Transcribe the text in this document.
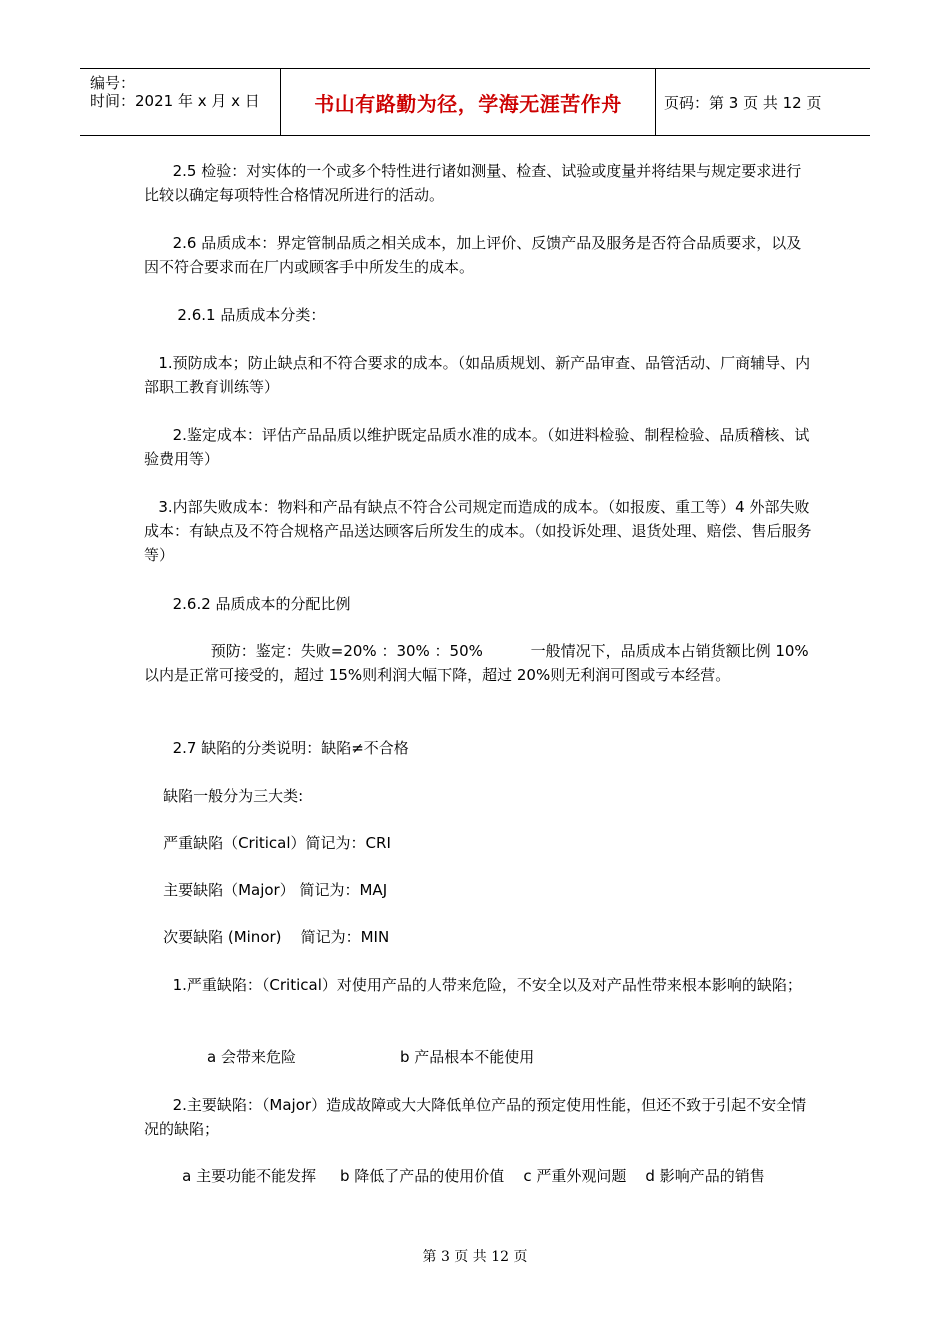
编号：
时间：2021 年 x 月 x 日	书山有路勤为径，学海无涯苦作舟	页码：第 3 页 共 12 页

2.5 检验：对实体的一个或多个特性进行诸如测量、检查、试验或度量并将结果与规定要求进行比较以确定每项特性合格情况所进行的活动。

2.6 品质成本：界定管制品质之相关成本，加上评价、反馈产品及服务是否符合品质要求，以及因不符合要求而在厂内或顾客手中所发生的成本。

2.6.1 品质成本分类：

1.预防成本；防止缺点和不符合要求的成本。（如品质规划、新产品审查、品管活动、厂商辅导、内部职工教育训练等）

2.鉴定成本：评估产品品质以维护既定品质水准的成本。（如进料检验、制程检验、品质稽核、试验费用等）

3.内部失败成本：物料和产品有缺点不符合公司规定而造成的成本。（如报废、重工等）4 外部失败成本：有缺点及不符合规格产品送达顾客后所发生的成本。（如投诉处理、退货处理、赔偿、售后服务等）

2.6.2 品质成本的分配比例

预防：鉴定：失败=20% ：30% ：50%          一般情况下，品质成本占销货额比例 10%以内是正常可接受的，超过 15%则利润大幅下降，超过 20%则无利润可图或亏本经营。

2.7 缺陷的分类说明：缺陷≠不合格

缺陷一般分为三大类:

严重缺陷（Critical）简记为：CRI

主要缺陷（Major） 简记为：MAJ

次要缺陷 (Minor)    简记为：MIN

1.严重缺陷：（Critical）对使用产品的人带来危险，不安全以及对产品性带来根本影响的缺陷；

a 会带来危险	b 产品根本不能使用

2.主要缺陷：（Major）造成故障或大大降低单位产品的预定使用性能，但还不致于引起不安全情况的缺陷；

a 主要功能不能发挥     b 降低了产品的使用价值    c 严重外观问题    d 影响产品的销售

第 3 页 共 12 页
